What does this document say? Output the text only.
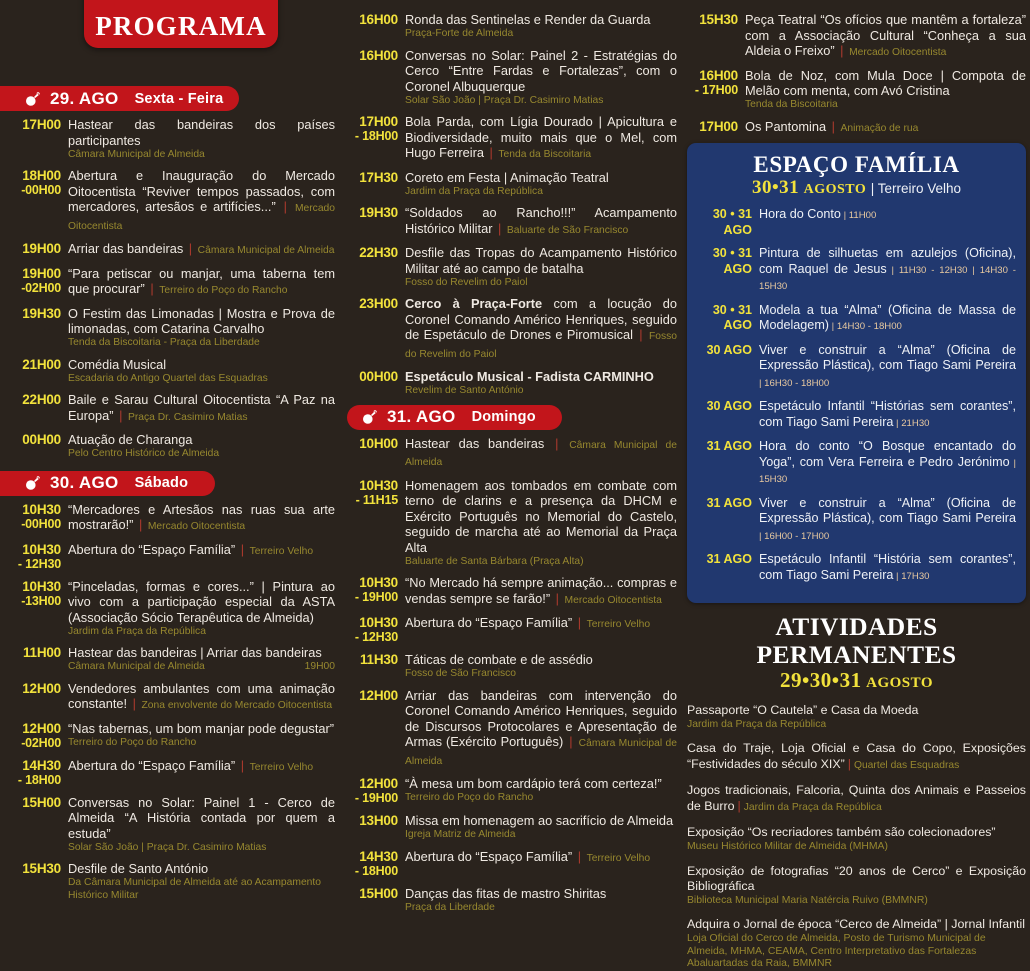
PROGRAMA
29. AGO Sexta - Feira
17H00 Hastear das bandeiras dos países participantes
Câmara Municipal de Almeida
18H00
-00H00
Abertura e Inauguração do Mercado Oitocentista “Reviver tempos passados, com mercadores, artesãos e artifícies...” | Mercado Oitocentista
19H00 Arriar das bandeiras | Câmara Municipal de Almeida
19H00
-02H00
“Para petiscar ou manjar, uma taberna tem que procurar” | Terreiro do Poço do Rancho
19H30 O Festim das Limonadas | Mostra e Prova de limonadas, com Catarina Carvalho
Tenda da Biscoitaria - Praça da Liberdade
21H00 Comédia Musical
Escadaria do Antigo Quartel das Esquadras
22H00 Baile e Sarau Cultural Oitocentista “A Paz na Europa” | Praça Dr. Casimiro Matias
00H00 Atuação de Charanga
Pelo Centro Histórico de Almeida
30. AGO Sábado
10H30
-00H00
“Mercadores e Artesãos nas ruas sua arte mostrarão!” | Mercado Oitocentista
10H30
- 12H30
Abertura do “Espaço Família” | Terreiro Velho
10H30
-13H00
“Pinceladas, formas e cores...” | Pintura ao vivo com a participação especial da ASTA (Associação Sócio Terapêutica de Almeida)
Jardim da Praça da República
11H00 Hastear das bandeiras | Arriar das bandeiras
Câmara Municipal de Almeida	19H00
12H00 Vendedores ambulantes com uma animação constante! | Zona envolvente do Mercado Oitocentista
12H00
-02H00
“Nas tabernas, um bom manjar pode degustar”
Terreiro do Poço do Rancho
14H30
- 18H00
Abertura do “Espaço Família” | Terreiro Velho
15H00 Conversas no Solar: Painel 1 - Cerco de Almeida “A História contada por quem a estuda”
Solar São João | Praça Dr. Casimiro Matias
15H30 Desfile de Santo António
Da Câmara Municipal de Almeida até ao Acampamento Histórico Militar
16H00 Ronda das Sentinelas e Render da Guarda
Praça-Forte de Almeida
16H00 Conversas no Solar: Painel 2 - Estratégias do Cerco “Entre Fardas e Fortalezas”, com o Coronel Albuquerque
Solar São João | Praça Dr. Casimiro Matias
17H00
- 18H00
Bola Parda, com Lígia Dourado | Apicultura e Biodiversidade, muito mais que o Mel, com Hugo Ferreira | Tenda da Biscoitaria
17H30 Coreto em Festa | Animação Teatral
Jardim da Praça da República
19H30 “Soldados ao Rancho!!!” Acampamento Histórico Militar | Baluarte de São Francisco
22H30 Desfile das Tropas do Acampamento Histórico Militar até ao campo de batalha
Fosso do Revelim do Paiol
23H00 Cerco à Praça-Forte com a locução do Coronel Comando Américo Henriques, seguido de Espetáculo de Drones e Piromusical | Fosso do Revelim do Paiol
00H00 Espetáculo Musical - Fadista CARMINHO
Revelim de Santo António
31. AGO Domingo
10H00 Hastear das bandeiras | Câmara Municipal de Almeida
10H30
- 11H15
Homenagem aos tombados em combate com terno de clarins e a presença da DHCM e Exército Português no Memorial do Castelo, seguido de marcha até ao Memorial da Praça Alta
Baluarte de Santa Bárbara (Praça Alta)
10H30
- 19H00
“No Mercado há sempre animação... compras e vendas sempre se farão!” | Mercado Oitocentista
10H30
- 12H30
Abertura do “Espaço Família” | Terreiro Velho
11H30 Táticas de combate e de assédio
Fosso de São Francisco
12H00 Arriar das bandeiras com intervenção do Coronel Comando Américo Henriques, seguido de Discursos Protocolares e Apresentação de Armas (Exército Português) | Câmara Municipal de Almeida
12H00
- 19H00
“À mesa um bom cardápio terá com certeza!”
Terreiro do Poço do Rancho
13H00 Missa em homenagem ao sacrifício de Almeida
Igreja Matriz de Almeida
14H30
- 18H00
Abertura do “Espaço Família” | Terreiro Velho
15H00 Danças das fitas de mastro Shiritas
Praça da Liberdade
15H30 Peça Teatral “Os ofícios que mantêm a fortaleza” com a Associação Cultural “Conheça a sua Aldeia o Freixo” | Mercado Oitocentista
16H00
- 17H00
Bola de Noz, com Mula Doce | Compota de Melão com menta, com Avó Cristina
Tenda da Biscoitaria
17H00 Os Pantomina | Animação de rua
ESPAÇO FAMÍLIA
30•31 AGOSTO | Terreiro Velho
30 • 31
AGO
Hora do Conto | 11H00
30 • 31
AGO
Pintura de silhuetas em azulejos (Oficina), com Raquel de Jesus | 11H30 - 12H30 | 14H30 - 15H30
30 • 31
AGO
Modela a tua “Alma” (Oficina de Massa de Modelagem) | 14H30 - 18H00
30 AGO Viver e construir a “Alma” (Oficina de Expressão Plástica), com Tiago Sami Pereira | 16H30 - 18H00
30 AGO Espetáculo Infantil “Histórias sem corantes”, com Tiago Sami Pereira | 21H30
31 AGO Hora do conto “O Bosque encantado do Yoga”, com Vera Ferreira e Pedro Jerónimo | 15H30
31 AGO Viver e construir a “Alma” (Oficina de Expressão Plástica), com Tiago Sami Pereira | 16H00 - 17H00
31 AGO Espetáculo Infantil “História sem corantes”, com Tiago Sami Pereira | 17H30
ATIVIDADES PERMANENTES
29•30•31 AGOSTO
Passaporte “O Cautela” e Casa da Moeda
Jardim da Praça da República
Casa do Traje, Loja Oficial e Casa do Copo, Exposições “Festividades do século XIX” | Quartel das Esquadras
Jogos tradicionais, Falcoria, Quinta dos Animais e Passeios de Burro | Jardim da Praça da República
Exposição “Os recriadores também são colecionadores”
Museu Histórico Militar de Almeida (MHMA)
Exposição de fotografias “20 anos de Cerco” e Exposição Bibliográfica
Biblioteca Municipal Maria Natércia Ruivo (BMMNR)
Adquira o Jornal de época “Cerco de Almeida” | Jornal Infantil
Loja Oficial do Cerco de Almeida, Posto de Turismo Municipal de Almeida, MHMA, CEAMA, Centro Interpretativo das Fortalezas Abaluartadas da Raia, BMMNR
